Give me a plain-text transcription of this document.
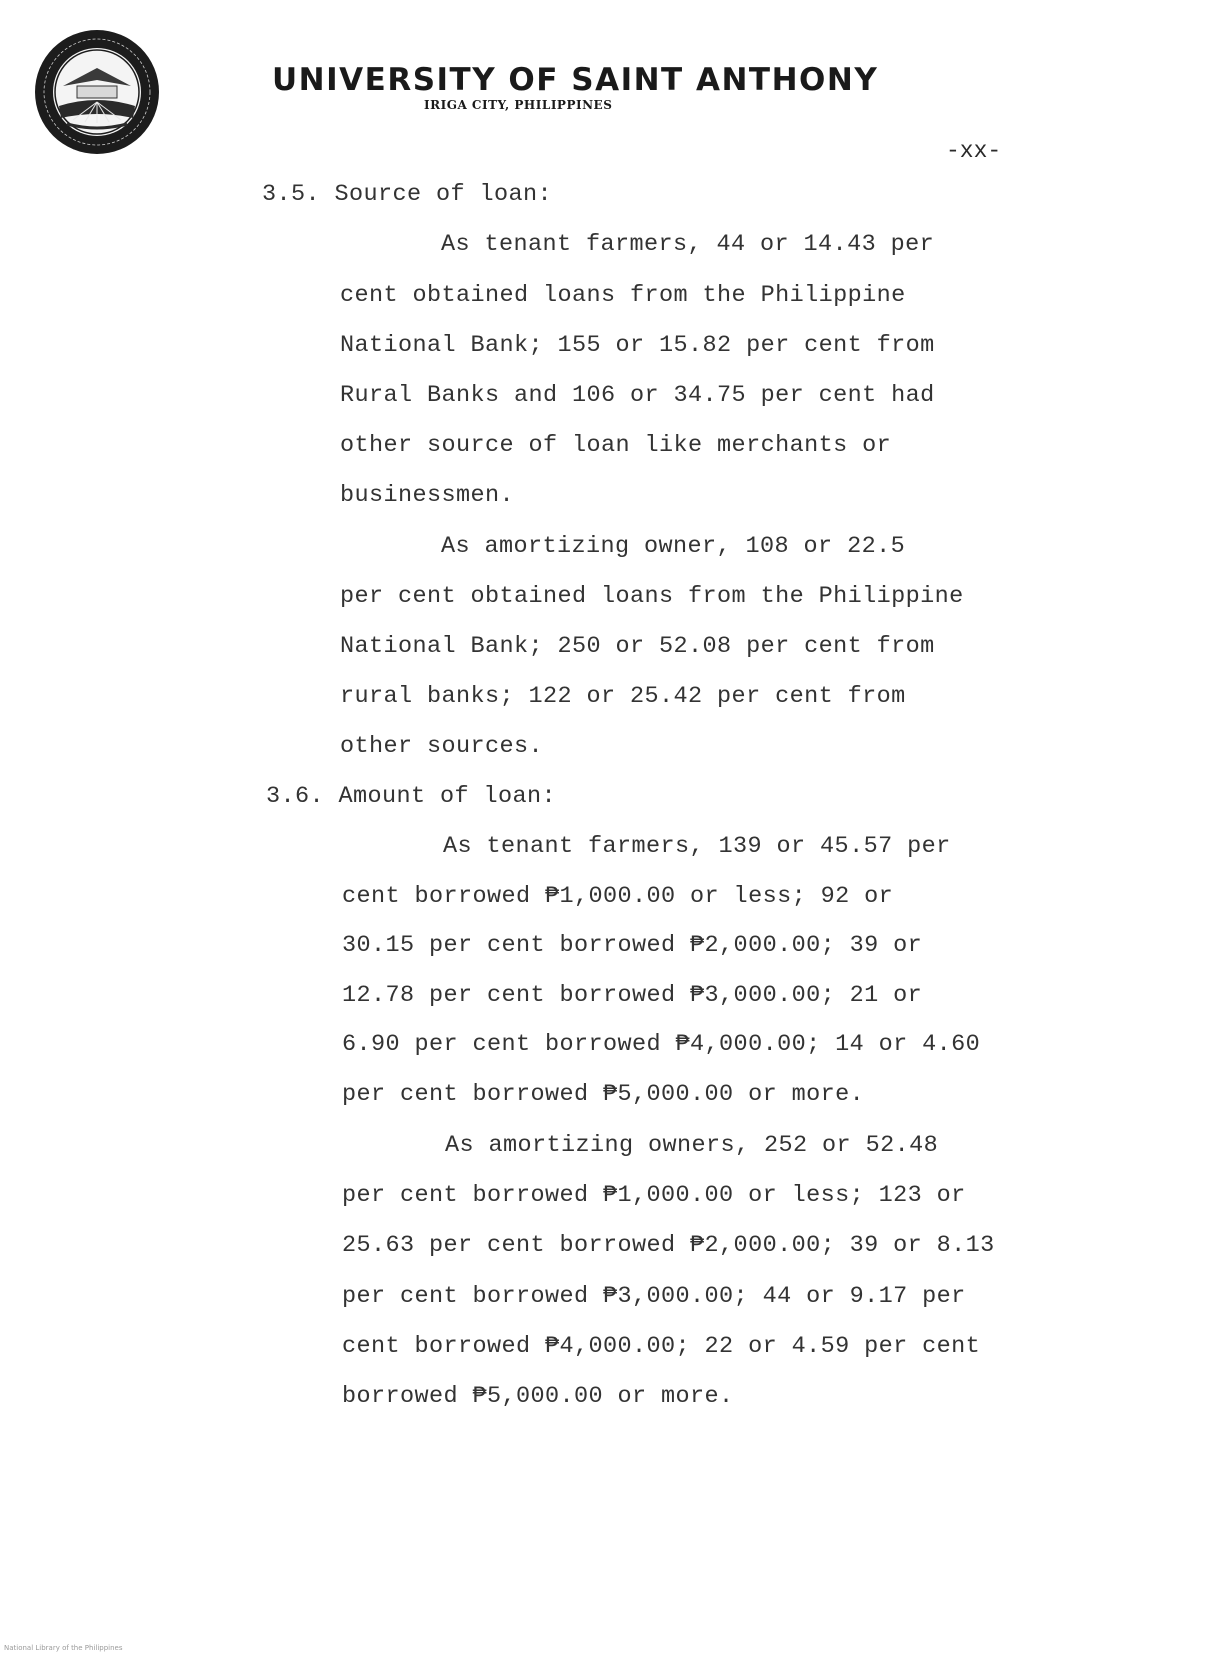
UNIVERSITY OF SAINT ANTHONY
IRIGA CITY, PHILIPPINES
-xx-
3.5. Source of loan:
As tenant farmers, 44 or 14.43 per
cent obtained loans from the Philippine
National Bank; 155 or 15.82 per cent from
Rural Banks and 106 or 34.75 per cent had
other source of loan like merchants or
businessmen.
As amortizing owner, 108 or 22.5
per cent obtained loans from the Philippine
National Bank; 250 or 52.08 per cent from
rural banks; 122 or 25.42 per cent from
other sources.
3.6. Amount of loan:
As tenant farmers, 139 or 45.57 per
cent borrowed ₱1,000.00 or less; 92 or
30.15 per cent borrowed ₱2,000.00; 39 or
12.78 per cent borrowed ₱3,000.00; 21 or
6.90 per cent borrowed ₱4,000.00; 14 or 4.60
per cent borrowed ₱5,000.00 or more.
As amortizing owners, 252 or 52.48
per cent borrowed ₱1,000.00 or less; 123 or
25.63 per cent borrowed ₱2,000.00; 39 or 8.13
per cent borrowed ₱3,000.00; 44 or 9.17 per
cent borrowed ₱4,000.00; 22 or 4.59 per cent
borrowed ₱5,000.00 or more.
National Library of the Philippines
